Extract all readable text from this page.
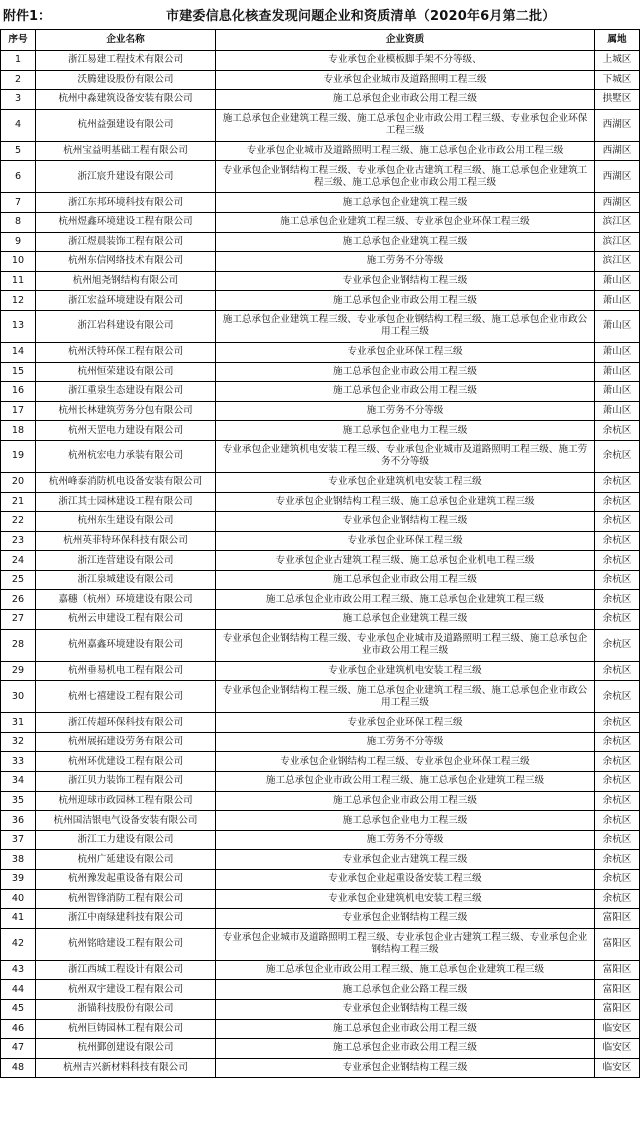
附件1：	市建委信息化核查发现问题企业和资质清单（2020年6月第二批）
序号	企业名称	企业资质	属地
1	浙江易建工程技术有限公司	专业承包企业模板脚手架不分等级、	上城区
2	沃腾建设股份有限公司	专业承包企业城市及道路照明工程三级	下城区
3	杭州中淼建筑设备安装有限公司	施工总承包企业市政公用工程三级	拱墅区
4	杭州益强建设有限公司	施工总承包企业建筑工程三级、施工总承包企业市政公用工程三级、专业承包企业环保工程三级	西湖区
5	杭州宝益明基础工程有限公司	专业承包企业城市及道路照明工程三级、施工总承包企业市政公用工程三级	西湖区
6	浙江宸升建设有限公司	专业承包企业钢结构工程三级、专业承包企业古建筑工程三级、施工总承包企业建筑工程三级、施工总承包企业市政公用工程三级	西湖区
7	浙江东邦环境科技有限公司	施工总承包企业建筑工程三级	西湖区
8	杭州煜鑫环境建设工程有限公司	施工总承包企业建筑工程三级、专业承包企业环保工程三级	滨江区
9	浙江煜晨装饰工程有限公司	施工总承包企业建筑工程三级	滨江区
10	杭州东信网络技术有限公司	施工劳务不分等级	滨江区
11	杭州旭尧钢结构有限公司	专业承包企业钢结构工程三级	萧山区
12	浙江宏益环境建设有限公司	施工总承包企业市政公用工程三级	萧山区
13	浙江岩科建设有限公司	施工总承包企业建筑工程三级、专业承包企业钢结构工程三级、施工总承包企业市政公用工程三级	萧山区
14	杭州沃特环保工程有限公司	专业承包企业环保工程三级	萧山区
15	杭州恒荣建设有限公司	施工总承包企业市政公用工程三级	萧山区
16	浙江重泉生态建设有限公司	施工总承包企业市政公用工程三级	萧山区
17	杭州长林建筑劳务分包有限公司	施工劳务不分等级	萧山区
18	杭州天罡电力建设有限公司	施工总承包企业电力工程三级	余杭区
19	杭州杭宏电力承装有限公司	专业承包企业建筑机电安装工程三级、专业承包企业城市及道路照明工程三级、施工劳务不分等级	余杭区
20	杭州峰泰消防机电设备安装有限公司	专业承包企业建筑机电安装工程三级	余杭区
21	浙江其士园林建设工程有限公司	专业承包企业钢结构工程三级、施工总承包企业建筑工程三级	余杭区
22	杭州东生建设有限公司	专业承包企业钢结构工程三级	余杭区
23	杭州英菲特环保科技有限公司	专业承包企业环保工程三级	余杭区
24	浙江连营建设有限公司	专业承包企业古建筑工程三级、施工总承包企业机电工程三级	余杭区
25	浙江泉城建设有限公司	施工总承包企业市政公用工程三级	余杭区
26	嘉穗（杭州）环境建设有限公司	施工总承包企业市政公用工程三级、施工总承包企业建筑工程三级	余杭区
27	杭州云申建设工程有限公司	施工总承包企业建筑工程三级	余杭区
28	杭州嘉鑫环境建设有限公司	专业承包企业钢结构工程三级、专业承包企业城市及道路照明工程三级、施工总承包企业市政公用工程三级	余杭区
29	杭州垂易机电工程有限公司	专业承包企业建筑机电安装工程三级	余杭区
30	杭州七禧建设工程有限公司	专业承包企业钢结构工程三级、施工总承包企业建筑工程三级、施工总承包企业市政公用工程三级	余杭区
31	浙江传超环保科技有限公司	专业承包企业环保工程三级	余杭区
32	杭州展拓建设劳务有限公司	施工劳务不分等级	余杭区
33	杭州环优建设工程有限公司	专业承包企业钢结构工程三级、专业承包企业环保工程三级	余杭区
34	浙江贝力装饰工程有限公司	施工总承包企业市政公用工程三级、施工总承包企业建筑工程三级	余杭区
35	杭州迎球市政园林工程有限公司	施工总承包企业市政公用工程三级	余杭区
36	杭州国洁银电气设备安装有限公司	施工总承包企业电力工程三级	余杭区
37	浙江工力建设有限公司	施工劳务不分等级	余杭区
38	杭州广延建设有限公司	专业承包企业古建筑工程三级	余杭区
39	杭州豫发起重设备有限公司	专业承包企业起重设备安装工程三级	余杭区
40	杭州智锋消防工程有限公司	专业承包企业建筑机电安装工程三级	余杭区
41	浙江中南绿建科技有限公司	专业承包企业钢结构工程三级	富阳区
42	杭州铭晗建设工程有限公司	专业承包企业城市及道路照明工程三级、专业承包企业古建筑工程三级、专业承包企业钢结构工程三级	富阳区
43	浙江西城工程设计有限公司	施工总承包企业市政公用工程三级、施工总承包企业建筑工程三级	富阳区
44	杭州双宇建设工程有限公司	施工总承包企业公路工程三级	富阳区
45	浙锚科技股份有限公司	专业承包企业钢结构工程三级	富阳区
46	杭州巨铸园林工程有限公司	施工总承包企业市政公用工程三级	临安区
47	杭州鄞创建设有限公司	施工总承包企业市政公用工程三级	临安区
48	杭州吉兴新材料科技有限公司	专业承包企业钢结构工程三级	临安区
